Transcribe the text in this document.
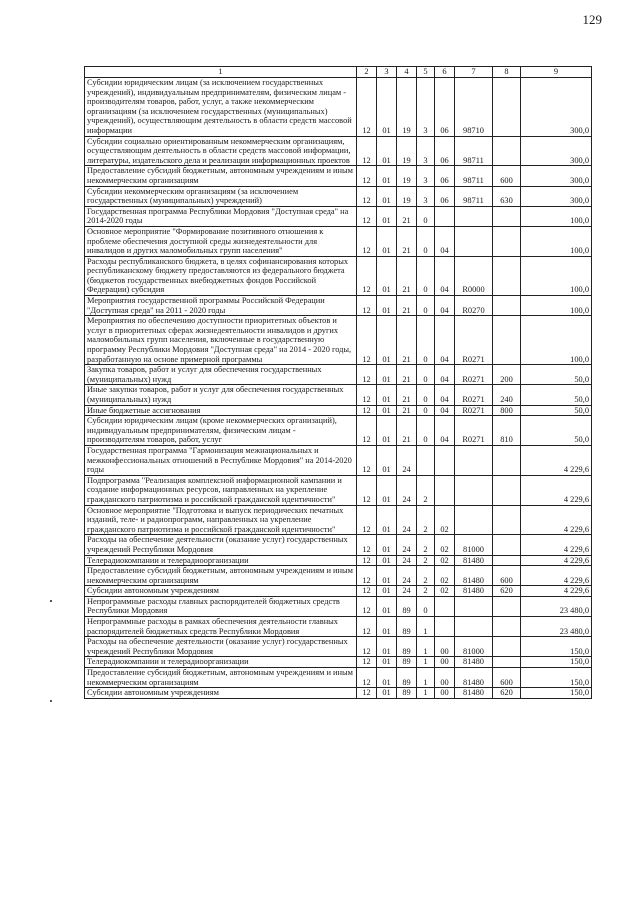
129
1	2	3	4	5	6	7	8	9
Субсидии юридическим лицам (за исключением государственных учреждений), индивидуальным предпринимателям, физическим лицам - производителям товаров, работ, услуг, а также некоммерческим организациям (за исключением государственных (муниципальных) учреждений), осуществляющим деятельность в области средств массовой информации	12	01	19	3	06	98710		300,0
Субсидии социально ориентированным некоммерческим организациям, осуществляющим деятельность в области средств массовой информации, литературы, издательского дела и реализации информационных проектов	12	01	19	3	06	98711		300,0
Предоставление субсидий бюджетным, автономным учреждениям и иным некоммерческим организациям	12	01	19	3	06	98711	600	300,0
Субсидии некоммерческим организациям (за исключением государственных (муниципальных) учреждений)	12	01	19	3	06	98711	630	300,0
Государственная программа Республики Мордовия "Доступная среда" на 2014-2020 годы	12	01	21	0				100,0
Основное мероприятие "Формирование позитивного отношения к проблеме обеспечения доступной среды жизнедеятельности для инвалидов и других маломобильных групп населения"	12	01	21	0	04			100,0
Расходы республиканского бюджета, в целях софинансирования которых республиканскому бюджету предоставляются из федерального бюджета (бюджетов государственных внебюджетных фондов Российской Федерации) субсидия	12	01	21	0	04	R0000		100,0
Мероприятия государственной программы Российской Федерации "Доступная среда" на 2011 - 2020 годы	12	01	21	0	04	R0270		100,0
Мероприятия по обеспечению доступности приоритетных объектов и услуг в приоритетных сферах жизнедеятельности инвалидов и других маломобильных групп населения, включенные в государственную программу Республики Мордовия "Доступная среда" на 2014 - 2020 годы, разработанную на основе примерной программы	12	01	21	0	04	R0271		100,0
Закупка товаров, работ и услуг для обеспечения государственных (муниципальных) нужд	12	01	21	0	04	R0271	200	50,0
Иные закупки товаров, работ и услуг для обеспечения государственных (муниципальных) нужд	12	01	21	0	04	R0271	240	50,0
Иные бюджетные ассигнования	12	01	21	0	04	R0271	800	50,0
Субсидии юридическим лицам (кроме некоммерческих организаций), индивидуальным предпринимателям, физическим лицам - производителям товаров, работ, услуг	12	01	21	0	04	R0271	810	50,0
Государственная программа "Гармонизация межнациональных и межконфессиональных отношений в Республике Мордовия" на 2014-2020 годы	12	01	24					4 229,6
Подпрограмма "Реализация комплексной информационной кампании и создание информационных ресурсов, направленных на укрепление гражданского патриотизма и российской гражданской идентичности"	12	01	24	2				4 229,6
Основное мероприятие "Подготовка и выпуск периодических печатных изданий, теле- и радиопрограмм, направленных на укрепление гражданского патриотизма и российской гражданской идентичности"	12	01	24	2	02			4 229,6
Расходы на обеспечение деятельности (оказание услуг) государственных учреждений Республики Мордовия	12	01	24	2	02	81000		4 229,6
Телерадиокомпании и телерадиоорганизации	12	01	24	2	02	81480		4 229,6
Предоставление субсидий бюджетным, автономным учреждениям и иным некоммерческим организациям	12	01	24	2	02	81480	600	4 229,6
Субсидии автономным учреждениям	12	01	24	2	02	81480	620	4 229,6
Непрограммные расходы главных распорядителей бюджетных средств Республики Мордовия	12	01	89	0				23 480,0
Непрограммные расходы в рамках обеспечения деятельности главных распорядителей бюджетных средств Республики Мордовия	12	01	89	1				23 480,0
Расходы на обеспечение деятельности (оказание услуг) государственных учреждений Республики Мордовия	12	01	89	1	00	81000		150,0
Телерадиокомпании и телерадиоорганизации	12	01	89	1	00	81480		150,0
Предоставление субсидий бюджетным, автономным учреждениям и иным некоммерческим организациям	12	01	89	1	00	81480	600	150,0
Субсидии автономным учреждениям	12	01	89	1	00	81480	620	150,0
